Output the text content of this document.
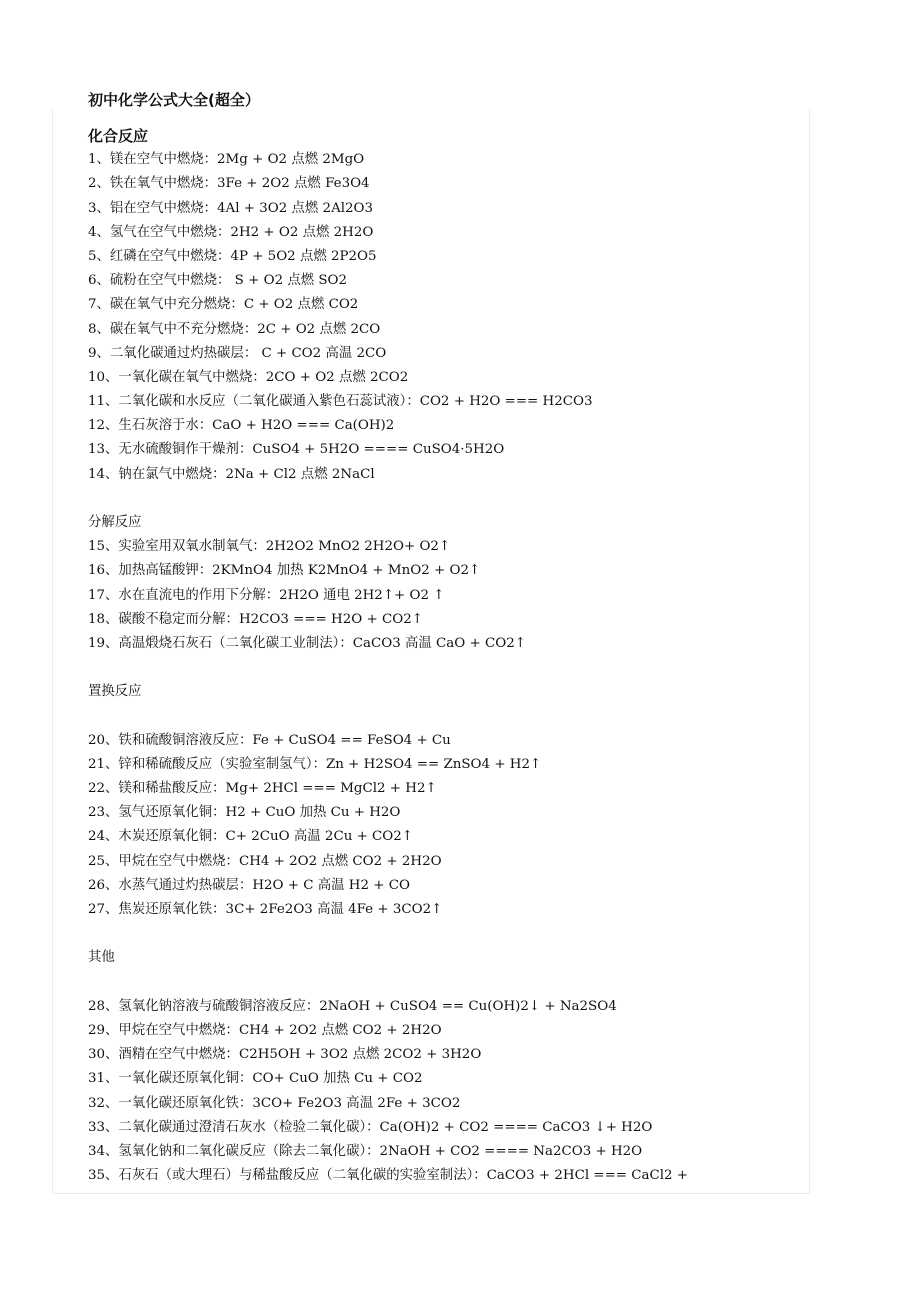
初中化学公式大全(超全）
化合反应
1、镁在空气中燃烧：2Mg + O2 点燃 2MgO
2、铁在氧气中燃烧：3Fe + 2O2 点燃 Fe3O4
3、铝在空气中燃烧：4Al + 3O2 点燃 2Al2O3
4、氢气在空气中燃烧：2H2 + O2 点燃 2H2O
5、红磷在空气中燃烧：4P + 5O2 点燃 2P2O5
6、硫粉在空气中燃烧： S + O2 点燃 SO2
7、碳在氧气中充分燃烧：C + O2 点燃 CO2
8、碳在氧气中不充分燃烧：2C + O2 点燃 2CO
9、二氧化碳通过灼热碳层： C + CO2 高温 2CO
10、一氧化碳在氧气中燃烧：2CO + O2 点燃 2CO2
11、二氧化碳和水反应（二氧化碳通入紫色石蕊试液）：CO2 + H2O === H2CO3
12、生石灰溶于水：CaO + H2O === Ca(OH)2
13、无水硫酸铜作干燥剂：CuSO4 + 5H2O ==== CuSO4·5H2O
14、钠在氯气中燃烧：2Na + Cl2 点燃 2NaCl
分解反应
15、实验室用双氧水制氧气：2H2O2 MnO2 2H2O+ O2↑
16、加热高锰酸钾：2KMnO4 加热 K2MnO4 + MnO2 + O2↑
17、水在直流电的作用下分解：2H2O 通电 2H2↑+ O2 ↑
18、碳酸不稳定而分解：H2CO3 === H2O + CO2↑
19、高温煅烧石灰石（二氧化碳工业制法）：CaCO3 高温 CaO + CO2↑
置换反应
20、铁和硫酸铜溶液反应：Fe + CuSO4 == FeSO4 + Cu
21、锌和稀硫酸反应（实验室制氢气）：Zn + H2SO4 == ZnSO4 + H2↑
22、镁和稀盐酸反应：Mg+ 2HCl === MgCl2 + H2↑
23、氢气还原氧化铜：H2 + CuO 加热 Cu + H2O
24、木炭还原氧化铜：C+ 2CuO 高温 2Cu + CO2↑
25、甲烷在空气中燃烧：CH4 + 2O2 点燃 CO2 + 2H2O
26、水蒸气通过灼热碳层：H2O + C 高温 H2 + CO
27、焦炭还原氧化铁：3C+ 2Fe2O3 高温 4Fe + 3CO2↑
其他
28、氢氧化钠溶液与硫酸铜溶液反应：2NaOH + CuSO4 == Cu(OH)2↓ + Na2SO4
29、甲烷在空气中燃烧：CH4 + 2O2 点燃 CO2 + 2H2O
30、酒精在空气中燃烧：C2H5OH + 3O2 点燃 2CO2 + 3H2O
31、一氧化碳还原氧化铜：CO+ CuO 加热 Cu + CO2
32、一氧化碳还原氧化铁：3CO+ Fe2O3 高温 2Fe + 3CO2
33、二氧化碳通过澄清石灰水（检验二氧化碳）：Ca(OH)2 + CO2 ==== CaCO3 ↓+ H2O
34、氢氧化钠和二氧化碳反应（除去二氧化碳）：2NaOH + CO2 ==== Na2CO3 + H2O
35、石灰石（或大理石）与稀盐酸反应（二氧化碳的实验室制法）：CaCO3 + 2HCl === CaCl2 +
